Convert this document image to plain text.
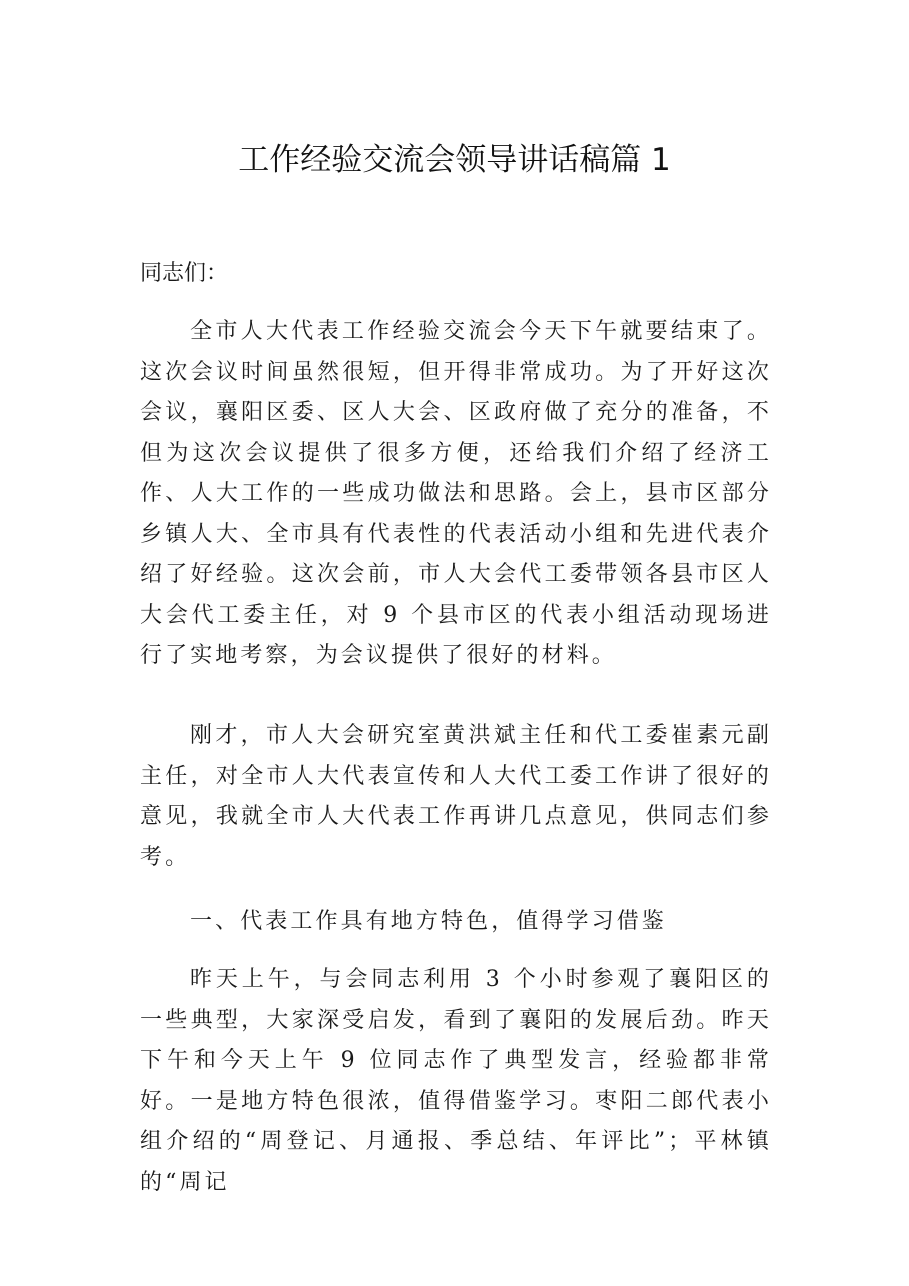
工作经验交流会领导讲话稿篇 1

同志们：

全市人大代表工作经验交流会今天下午就要结束了。这次会议时间虽然很短，但开得非常成功。为了开好这次会议，襄阳区委、区人大会、区政府做了充分的准备，不但为这次会议提供了很多方便，还给我们介绍了经济工作、人大工作的一些成功做法和思路。会上，县市区部分乡镇人大、全市具有代表性的代表活动小组和先进代表介绍了好经验。这次会前，市人大会代工委带领各县市区人大会代工委主任，对 9 个县市区的代表小组活动现场进行了实地考察，为会议提供了很好的材料。

刚才，市人大会研究室黄洪斌主任和代工委崔素元副主任，对全市人大代表宣传和人大代工委工作讲了很好的意见，我就全市人大代表工作再讲几点意见，供同志们参考。

一、代表工作具有地方特色，值得学习借鉴

昨天上午，与会同志利用 3 个小时参观了襄阳区的一些典型，大家深受启发，看到了襄阳的发展后劲。昨天下午和今天上午 9 位同志作了典型发言，经验都非常好。一是地方特色很浓，值得借鉴学习。枣阳二郎代表小组介绍的“周登记、月通报、季总结、年评比”；平林镇的“周记
